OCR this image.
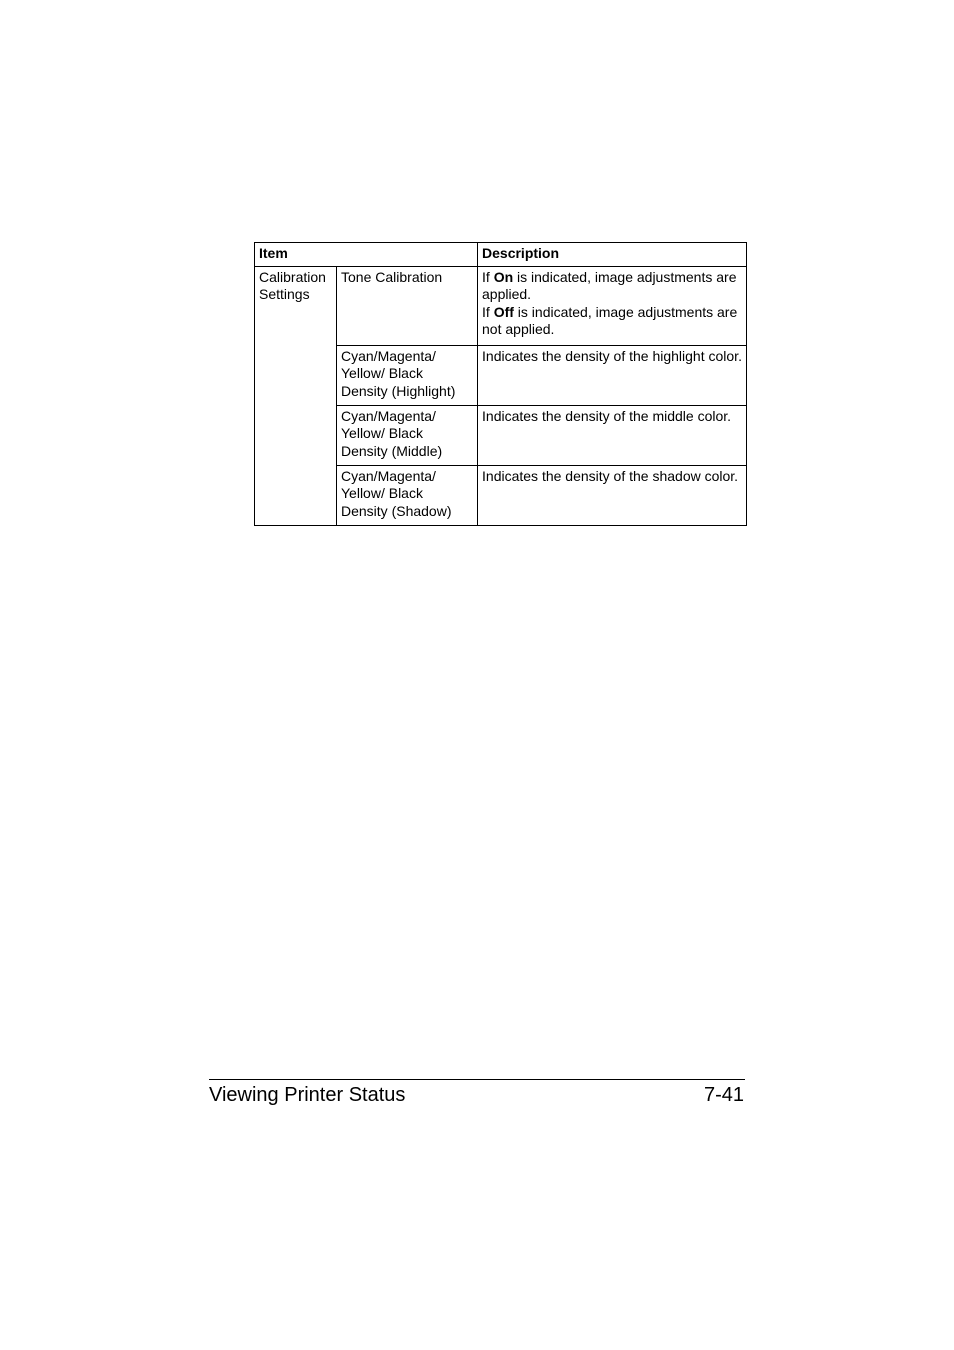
Item		Description
Calibration Settings	Tone Calibration	If On is indicated, image adjustments are applied.
If Off is indicated, image adjustments are not applied.

	Cyan/Magenta/ Yellow/ Black Density (Highlight)	Indicates the density of the highlight color.
	Cyan/Magenta/ Yellow/ Black Density (Middle)	Indicates the density of the middle color.
	Cyan/Magenta/ Yellow/ Black Density (Shadow)	Indicates the density of the shadow color.
Viewing Printer Status	7-41
